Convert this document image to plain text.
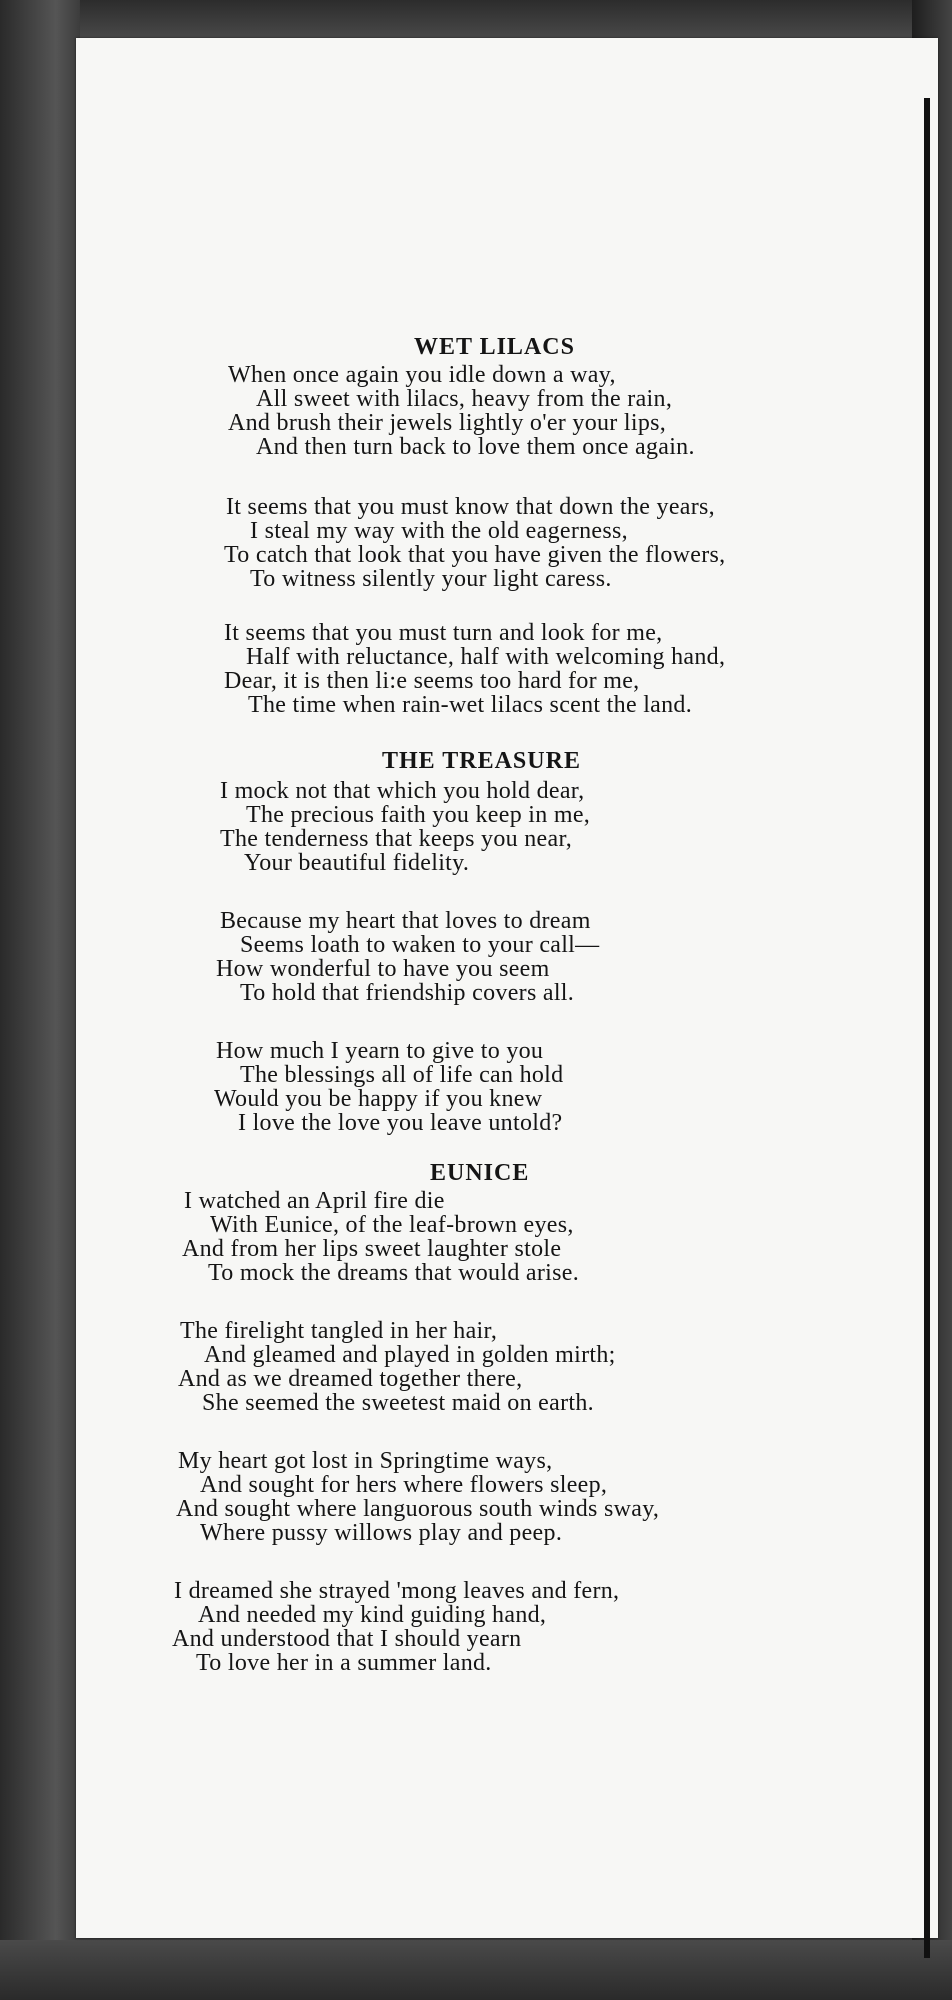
WET LILACS
When once again you idle down a way,
All sweet with lilacs, heavy from the rain,
And brush their jewels lightly o'er your lips,
And then turn back to love them once again.
It seems that you must know that down the years,
I steal my way with the old eagerness,
To catch that look that you have given the flowers,
To witness silently your light caress.
It seems that you must turn and look for me,
Half with reluctance, half with welcoming hand,
Dear, it is then li:e seems too hard for me,
The time when rain-wet lilacs scent the land.
THE TREASURE
I mock not that which you hold dear,
The precious faith you keep in me,
The tenderness that keeps you near,
Your beautiful fidelity.
Because my heart that loves to dream
Seems loath to waken to your call—
How wonderful to have you seem
To hold that friendship covers all.
How much I yearn to give to you
The blessings all of life can hold
Would you be happy if you knew
I love the love you leave untold?
EUNICE
I watched an April fire die
With Eunice, of the leaf-brown eyes,
And from her lips sweet laughter stole
To mock the dreams that would arise.
The firelight tangled in her hair,
And gleamed and played in golden mirth;
And as we dreamed together there,
She seemed the sweetest maid on earth.
My heart got lost in Springtime ways,
And sought for hers where flowers sleep,
And sought where languorous south winds sway,
Where pussy willows play and peep.
I dreamed she strayed 'mong leaves and fern,
And needed my kind guiding hand,
And understood that I should yearn
To love her in a summer land.
